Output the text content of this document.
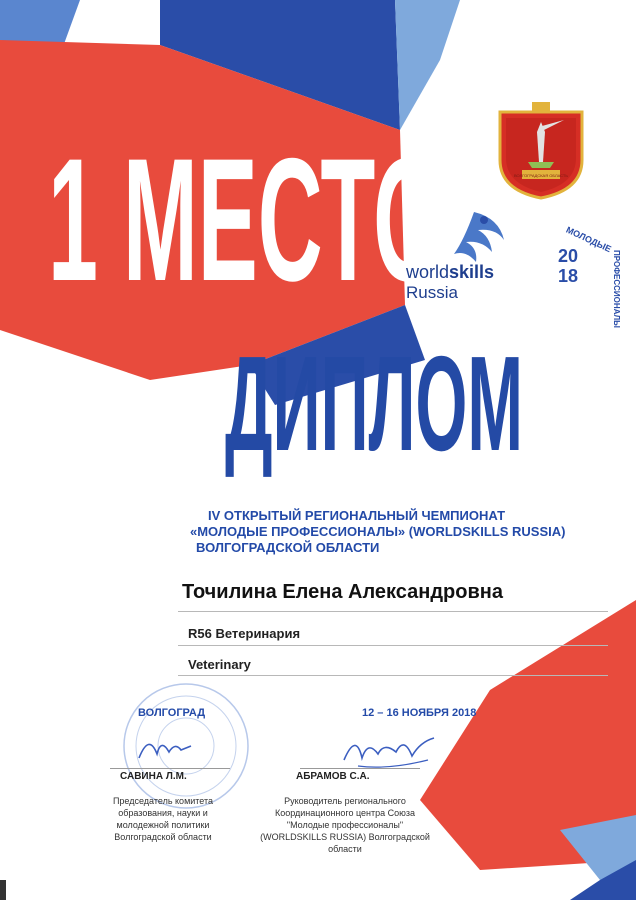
1 МЕСТО
ДИПЛОМ
ВОЛГОГРАДСКАЯ ОБЛАСТЬ
worldskills
Russia
МОЛОДЫЕ
20
18	ПРОФЕССИОНАЛЫ
IV ОТКРЫТЫЙ РЕГИОНАЛЬНЫЙ ЧЕМПИОНАТ
«МОЛОДЫЕ ПРОФЕССИОНАЛЫ» (WORLDSKILLS RUSSIA)
ВОЛГОГРАДСКОЙ ОБЛАСТИ
Точилина Елена Александровна
R56 Ветеринария
Veterinary
ВОЛГОГРАД	12 – 16 НОЯБРЯ 2018
САВИНА Л.М.
Председатель комитета
образования, науки и
молодежной политики
Волгоградской области
АБРАМОВ С.А.
Руководитель регионального
Координационного центра Союза
"Молодые профессионалы"
(WORLDSKILLS RUSSIA) Волгоградской
области
